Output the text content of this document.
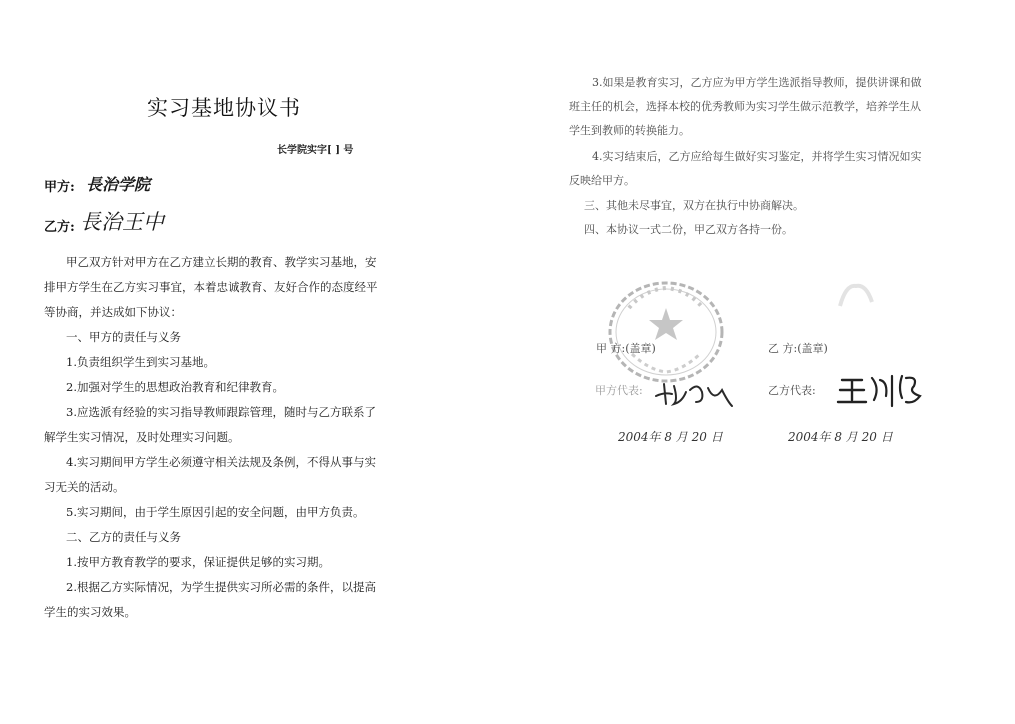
实习基地协议书
长学院实字[ ] 号
甲方: 長治学院
乙方: 長治王中
甲乙双方针对甲方在乙方建立长期的教育、教学实习基地，安
排甲方学生在乙方实习事宜，本着忠诚教育、友好合作的态度经平
等协商，并达成如下协议：
一、甲方的责任与义务
1.负责组织学生到实习基地。
2.加强对学生的思想政治教育和纪律教育。
3.应选派有经验的实习指导教师跟踪管理，随时与乙方联系了
解学生实习情况，及时处理实习问题。
4.实习期间甲方学生必须遵守相关法规及条例，不得从事与实
习无关的活动。
5.实习期间，由于学生原因引起的安全问题，由甲方负责。
二、乙方的责任与义务
1.按甲方教育教学的要求，保证提供足够的实习期。
2.根据乙方实际情况，为学生提供实习所必需的条件，以提高
学生的实习效果。
3.如果是教育实习，乙方应为甲方学生选派指导教师，提供讲课和做
班主任的机会，选择本校的优秀教师为实习学生做示范教学，培养学生从
学生到教师的转换能力。
4.实习结束后，乙方应给每生做好实习鉴定，并将学生实习情况如实
反映给甲方。
三、其他未尽事宜，双方在执行中协商解决。
四、本协议一式二份，甲乙双方各持一份。
甲 方:(盖章)	乙 方:(盖章)
甲方代表:	乙方代表:
2004年 8 月 20 日	2004年 8 月 20 日
